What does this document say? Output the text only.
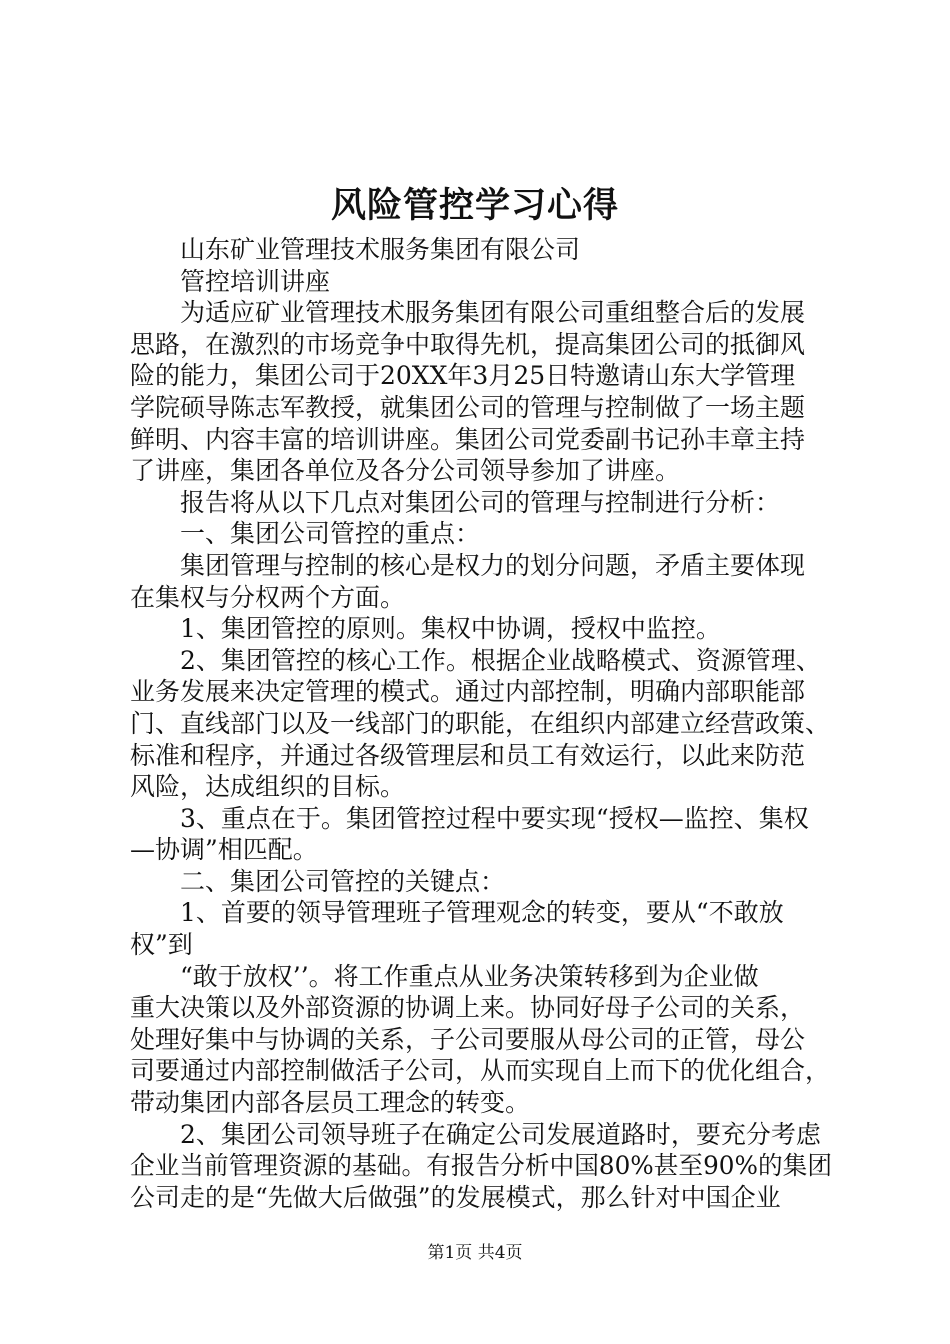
风险管控学习心得
山东矿业管理技术服务集团有限公司
管控培训讲座
为适应矿业管理技术服务集团有限公司重组整合后的发展
思路，在激烈的市场竞争中取得先机，提高集团公司的抵御风
险的能力，集团公司于20XX年3月25日特邀请山东大学管理
学院硕导陈志军教授，就集团公司的管理与控制做了一场主题
鲜明、内容丰富的培训讲座。集团公司党委副书记孙丰章主持
了讲座，集团各单位及各分公司领导参加了讲座。
报告将从以下几点对集团公司的管理与控制进行分析：
一、集团公司管控的重点：
集团管理与控制的核心是权力的划分问题，矛盾主要体现
在集权与分权两个方面。
1、集团管控的原则。集权中协调，授权中监控。
2、集团管控的核心工作。根据企业战略模式、资源管理、
业务发展来决定管理的模式。通过内部控制，明确内部职能部
门、直线部门以及一线部门的职能，在组织内部建立经营政策、
标准和程序，并通过各级管理层和员工有效运行，以此来防范
风险，达成组织的目标。
3、重点在于。集团管控过程中要实现“授权—监控、集权
—协调”相匹配。
二、集团公司管控的关键点：
1、首要的领导管理班子管理观念的转变，要从“不敢放
权”到
“敢于放权’’。将工作重点从业务决策转移到为企业做
重大决策以及外部资源的协调上来。协同好母子公司的关系，
处理好集中与协调的关系，子公司要服从母公司的正管，母公
司要通过内部控制做活子公司，从而实现自上而下的优化组合，
带动集团内部各层员工理念的转变。
2、集团公司领导班子在确定公司发展道路时，要充分考虑
企业当前管理资源的基础。有报告分析中国80%甚至90%的集团
公司走的是“先做大后做强”的发展模式，那么针对中国企业
第1页 共4页
